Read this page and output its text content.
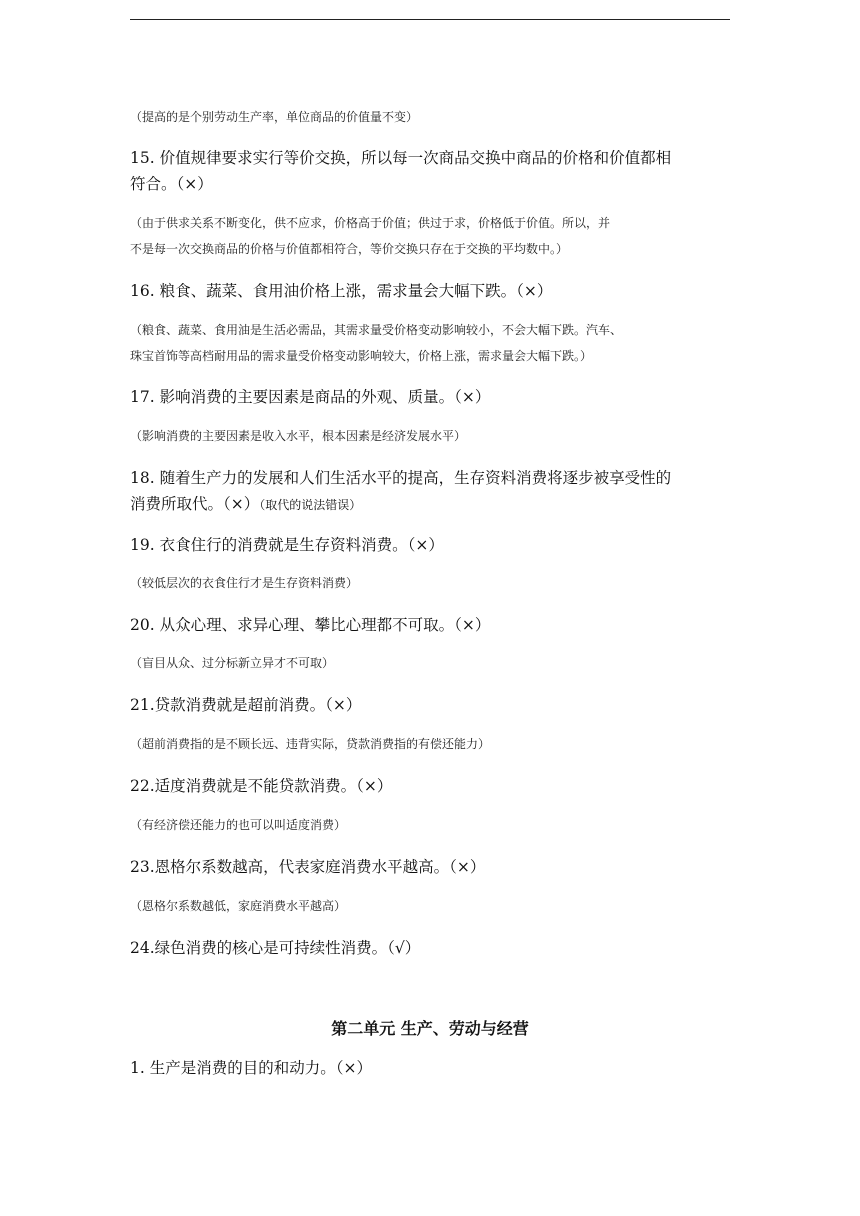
（提高的是个别劳动生产率，单位商品的价值量不变）
15. 价值规律要求实行等价交换，所以每一次商品交换中商品的价格和价值都相
符合。（×）
（由于供求关系不断变化，供不应求，价格高于价值；供过于求，价格低于价值。所以，并
不是每一次交换商品的价格与价值都相符合，等价交换只存在于交换的平均数中。）
16. 粮食、蔬菜、食用油价格上涨，需求量会大幅下跌。（×）
（粮食、蔬菜、食用油是生活必需品，其需求量受价格变动影响较小，不会大幅下跌。汽车、
珠宝首饰等高档耐用品的需求量受价格变动影响较大，价格上涨，需求量会大幅下跌。）
17. 影响消费的主要因素是商品的外观、质量。（×）
（影响消费的主要因素是收入水平，根本因素是经济发展水平）
18. 随着生产力的发展和人们生活水平的提高，生存资料消费将逐步被享受性的
消费所取代。（×）（取代的说法错误）
19. 衣食住行的消费就是生存资料消费。（×）
（较低层次的衣食住行才是生存资料消费）
20. 从众心理、求异心理、攀比心理都不可取。（×）
（盲目从众、过分标新立异才不可取）
21.贷款消费就是超前消费。（×）
（超前消费指的是不顾长远、违背实际，贷款消费指的有偿还能力）
22.适度消费就是不能贷款消费。（×）
（有经济偿还能力的也可以叫适度消费）
23.恩格尔系数越高，代表家庭消费水平越高。（×）
（恩格尔系数越低，家庭消费水平越高）
24.绿色消费的核心是可持续性消费。（√）
第二单元 生产、劳动与经营
1. 生产是消费的目的和动力。（×）
